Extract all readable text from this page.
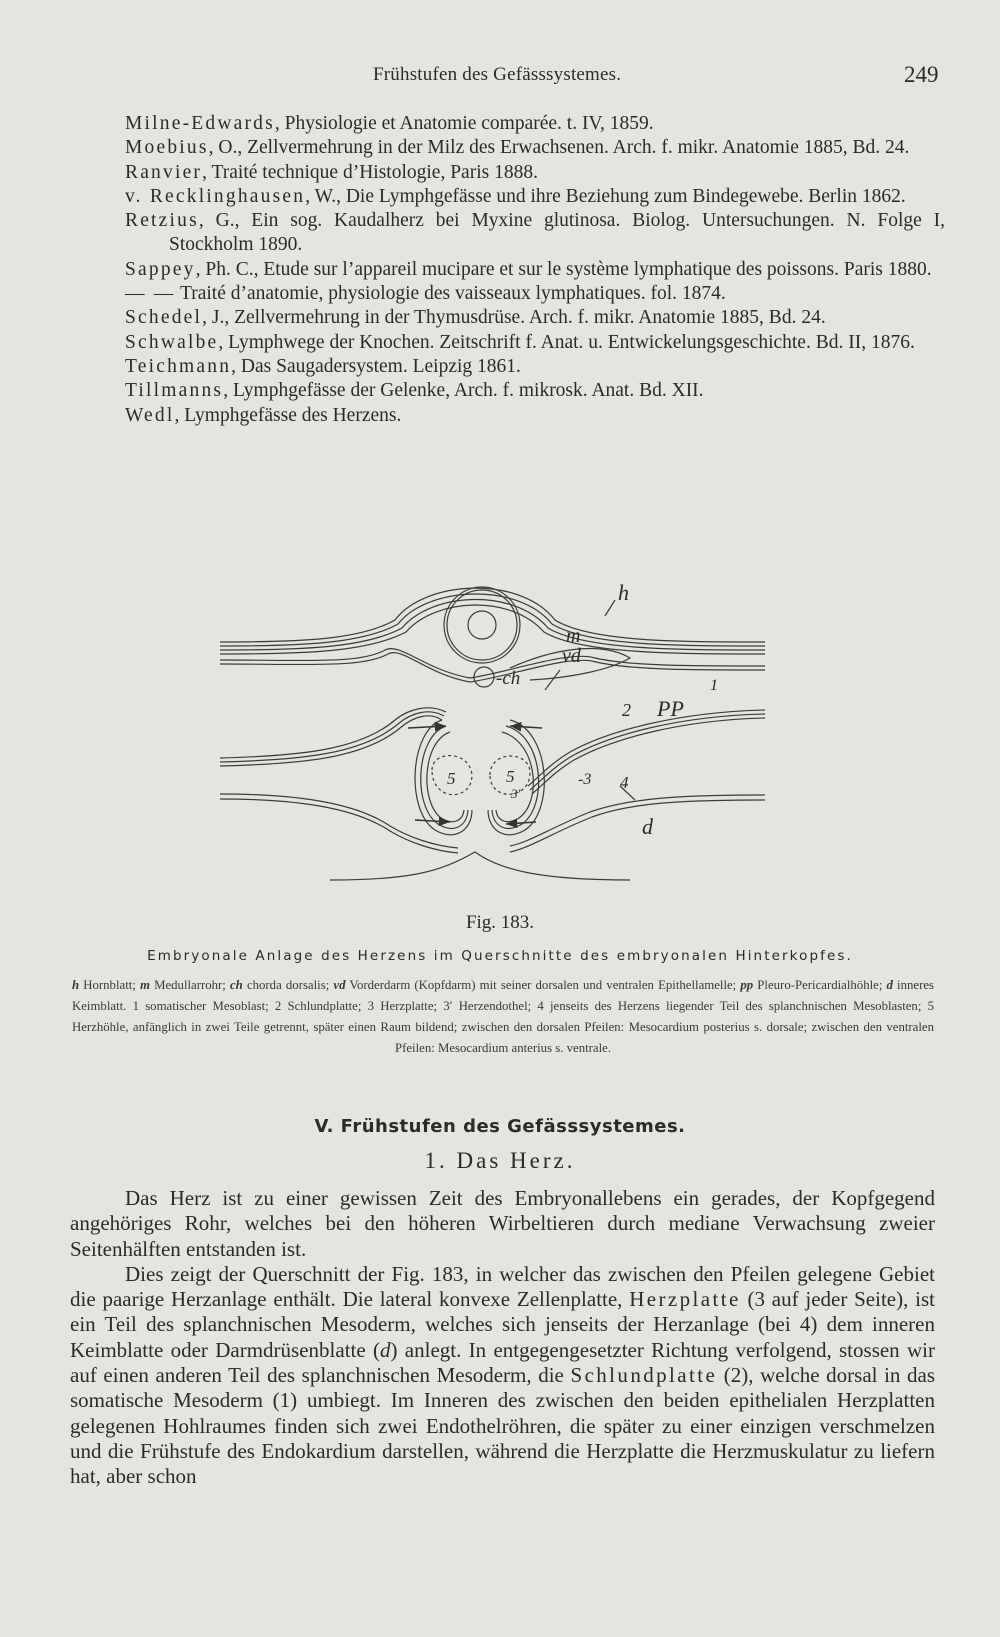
Frühstufen des Gefässsystemes.	249

Milne-Edwards, Physiologie et Anatomie comparée. t. IV, 1859.

Moebius, O., Zellvermehrung in der Milz des Erwachsenen. Arch. f. mikr. Anatomie 1885, Bd. 24.

Ranvier, Traité technique d’Histologie, Paris 1888.

v. Recklinghausen, W., Die Lymphgefässe und ihre Beziehung zum Bindegewebe. Berlin 1862.

Retzius, G., Ein sog. Kaudalherz bei Myxine glutinosa. Biolog. Untersuchungen. N. Folge I, Stockholm 1890.

Sappey, Ph. C., Etude sur l’appareil mucipare et sur le système lymphatique des poissons. Paris 1880.

— — Traité d’anatomie, physiologie des vaisseaux lymphatiques. fol. 1874.

Schedel, J., Zellvermehrung in der Thymusdrüse. Arch. f. mikr. Anatomie 1885, Bd. 24.

Schwalbe, Lymphwege der Knochen. Zeitschrift f. Anat. u. Entwickelungsgeschichte. Bd. II, 1876.

Teichmann, Das Saugadersystem. Leipzig 1861.

Tillmanns, Lymphgefässe der Gelenke, Arch. f. mikrosk. Anat. Bd. XII.

Wedl, Lymphgefässe des Herzens.

h
m
vd
-ch	1
2 PP
-3 4
5	5
3'
d
Fig. 183.
Embryonale Anlage des Herzens im Querschnitte des embryonalen Hinterkopfes.
h Hornblatt; m Medullarrohr; ch chorda dorsalis; vd Vorderdarm (Kopfdarm) mit seiner dorsalen und ventralen Epithellamelle; pp Pleuro-Pericardialhöhle; d inneres Keimblatt. 1 somatischer Mesoblast; 2 Schlundplatte; 3 Herzplatte; 3′ Herzendothel; 4 jenseits des Herzens liegender Teil des splanchnischen Mesoblasten; 5 Herzhöhle, anfänglich in zwei Teile getrennt, später einen Raum bildend; zwischen den dorsalen Pfeilen: Mesocardium posterius s. dorsale; zwischen den ventralen Pfeilen: Mesocardium anterius s. ventrale.
V. Frühstufen des Gefässsystemes.
1. Das Herz.

Das Herz ist zu einer gewissen Zeit des Embryonallebens ein gerades, der Kopfgegend angehöriges Rohr, welches bei den höheren Wirbeltieren durch mediane Verwachsung zweier Seitenhälften entstanden ist.

Dies zeigt der Querschnitt der Fig. 183, in welcher das zwischen den Pfeilen gelegene Gebiet die paarige Herzanlage enthält. Die lateral konvexe Zellenplatte, Herzplatte (3 auf jeder Seite), ist ein Teil des splanchnischen Mesoderm, welches sich jenseits der Herzanlage (bei 4) dem inneren Keimblatte oder Darmdrüsenblatte (d) anlegt. In entgegengesetzter Richtung verfolgend, stossen wir auf einen anderen Teil des splanchnischen Mesoderm, die Schlundplatte (2), welche dorsal in das somatische Mesoderm (1) umbiegt. Im Inneren des zwischen den beiden epithelialen Herzplatten gelegenen Hohlraumes finden sich zwei Endothelröhren, die später zu einer einzigen verschmelzen und die Frühstufe des Endokardium darstellen, während die Herzplatte die Herzmuskulatur zu liefern hat, aber schon
